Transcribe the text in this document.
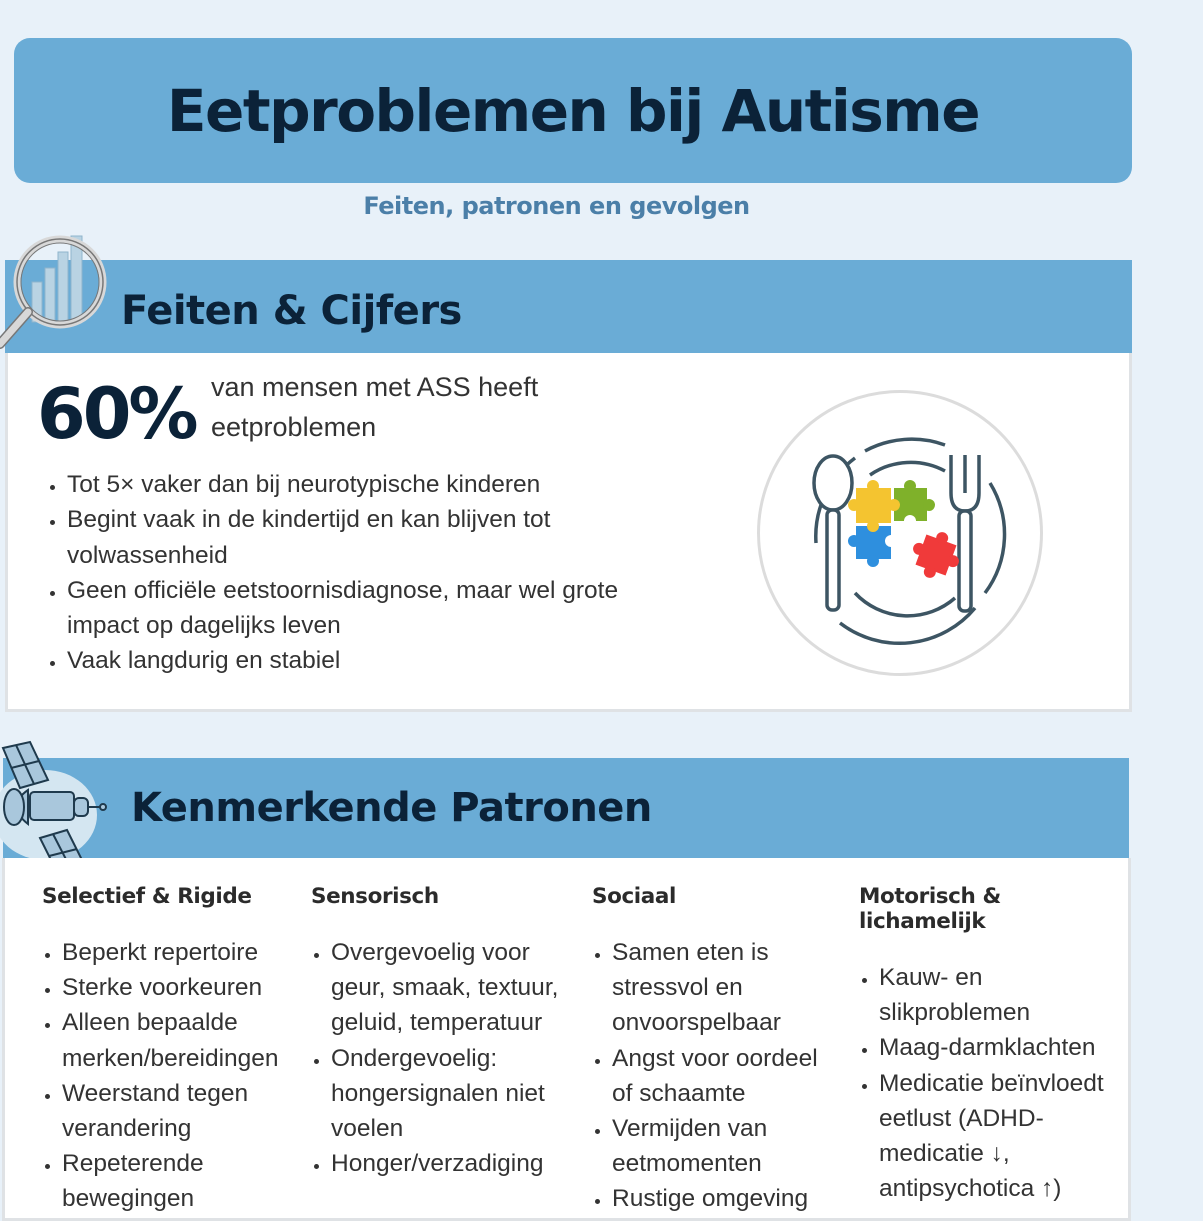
Eetproblemen bij Autisme
Feiten, patronen en gevolgen
Feiten & Cijfers
60% van mensen met ASS heeft eetproblemen
• Tot 5× vaker dan bij neurotypische kinderen
• Begint vaak in de kindertijd en kan blijven tot volwassenheid
• Geen officiële eetstoornisdiagnose, maar wel grote impact op dagelijks leven
• Vaak langdurig en stabiel
Kenmerkende Patronen
Selectief & Rigide
• Beperkt repertoire
• Sterke voorkeuren
• Alleen bepaalde merken/bereidingen
• Weerstand tegen verandering
• Repeterende bewegingen
Sensorisch
• Overgevoelig voor geur, smaak, textuur, geluid, temperatuur
• Ondergevoelig: hongersignalen niet voelen
• Honger/verzadiging
Sociaal
• Samen eten is stressvol en onvoorspelbaar
• Angst voor oordeel of schaamte
• Vermijden van eetmomenten
• Rustige omgeving
Motorisch & lichamelijk
• Kauw- en slikproblemen
• Maag-darmklachten
• Medicatie beïnvloedt eetlust (ADHD-medicatie ↓, antipsychotica ↑)
